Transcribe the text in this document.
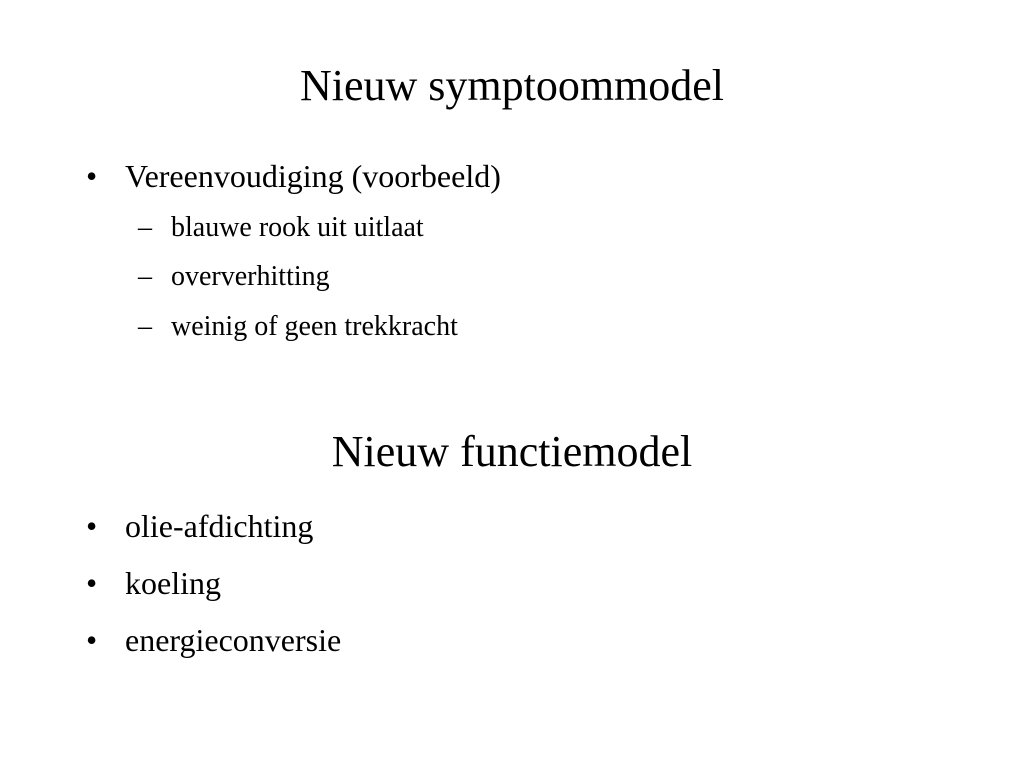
Nieuw symptoommodel
• Vereenvoudiging (voorbeeld)
– blauwe rook uit uitlaat
– oververhitting
– weinig of geen trekkracht
Nieuw functiemodel
• olie-afdichting
• koeling
• energieconversie
